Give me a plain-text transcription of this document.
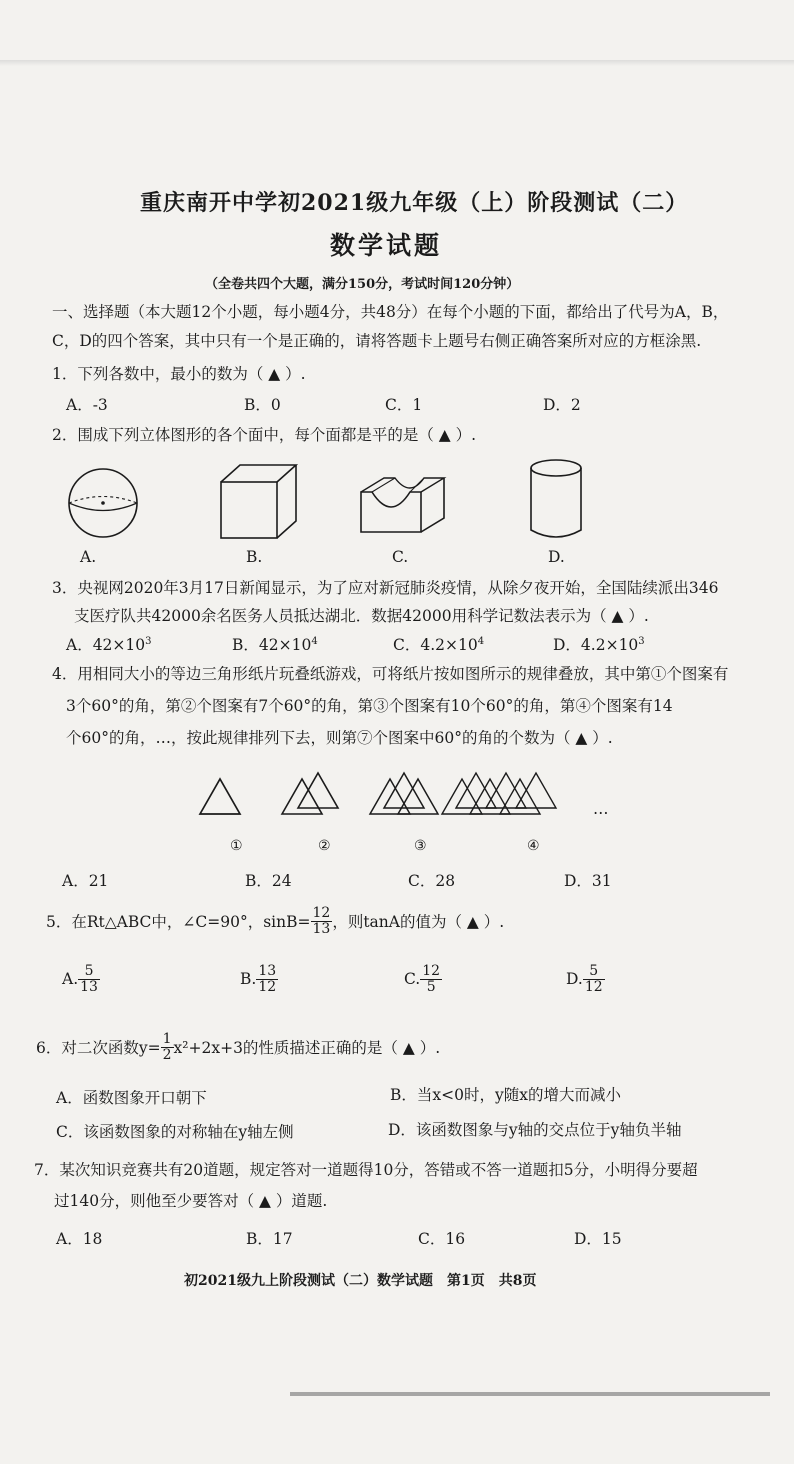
重庆南开中学初2021级九年级（上）阶段测试（二）
数学试题
（全卷共四个大题，满分150分，考试时间120分钟）
一、选择题（本大题12个小题，每小题4分，共48分）在每个小题的下面，都给出了代号为A，B，
C，D的四个答案，其中只有一个是正确的，请将答题卡上题号右侧正确答案所对应的方框涂黑.
1．下列各数中，最小的数为（ ▲ ）.
A．-3	B．0	C．1	D．2
2．围成下列立体图形的各个面中，每个面都是平的是（ ▲ ）.
A.	B.	C.	D.
3．央视网2020年3月17日新闻显示，为了应对新冠肺炎疫情，从除夕夜开始，全国陆续派出346
支医疗队共42000余名医务人员抵达湖北．数据42000用科学记数法表示为（ ▲ ）.
A．$42\times 10^3$	B．$42\times 10^4$	C．$4.2\times 10^4$	D．$4.2\times 10^3$
4．用相同大小的等边三角形纸片玩叠纸游戏，可将纸片按如图所示的规律叠放，其中第①个图案有
3个60°的角，第②个图案有7个60°的角，第③个图案有10个60°的角，第④个图案有14
个60°的角，…，按此规律排列下去，则第⑦个图案中60°的角的个数为（ ▲ ）.
…
①	②	③	④
A．21	B．24	C．28	D．31
5．在Rt△ABC中，∠C=90°，$\sin B= \frac{12}{13}$ ，则tanA的值为（ ▲ ）.
A. $\frac{5}{13}$	B. $\frac{13}{12}$	C. $\frac{12}{5}$	D. $\frac{5}{12}$
6．对二次函数$y= \frac{1}{2} x^2+2x+3$的性质描述正确的是（ ▲ ）.
A．函数图象开口朝下	B．当x<0时，y随x的增大而减小
C．该函数图象的对称轴在y轴左侧	D．该函数图象与y轴的交点位于y轴负半轴
7．某次知识竞赛共有20道题，规定答对一道题得10分，答错或不答一道题扣5分，小明得分要超
过140分，则他至少要答对（ ▲ ）道题.
A．18	B．17	C．16	D．15
初2021级九上阶段测试（二）数学试题　第1页　共8页
